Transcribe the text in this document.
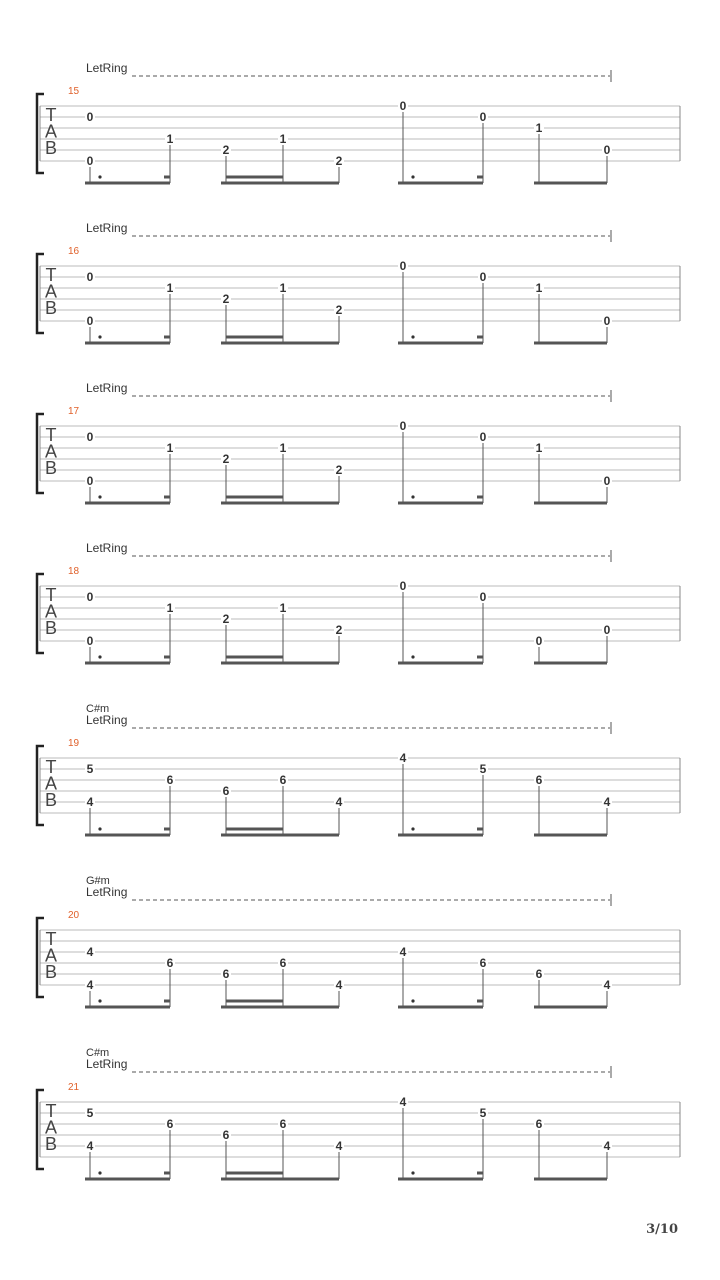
LetRing
15
T
A
B
0
0
1
2
1
2
0
0
1
0
LetRing
16
T
A
B
0
0
1
2
1
2
0
0
1
0
LetRing
17
T
A
B
0
0
1
2
1
2
0
0
1
0
LetRing
18
T
A
B
0
0
1
2
1
2
0
0
0
0
C#m
LetRing
19
T
A
B
5
4
6
6
6
4
4
5
6
4
G#m
LetRing
20
T
A
B
4
4
6
6
6
4
4
6
6
4
C#m
LetRing
21
T
A
B
5
4
6
6
6
4
4
5
6
4
3/10
